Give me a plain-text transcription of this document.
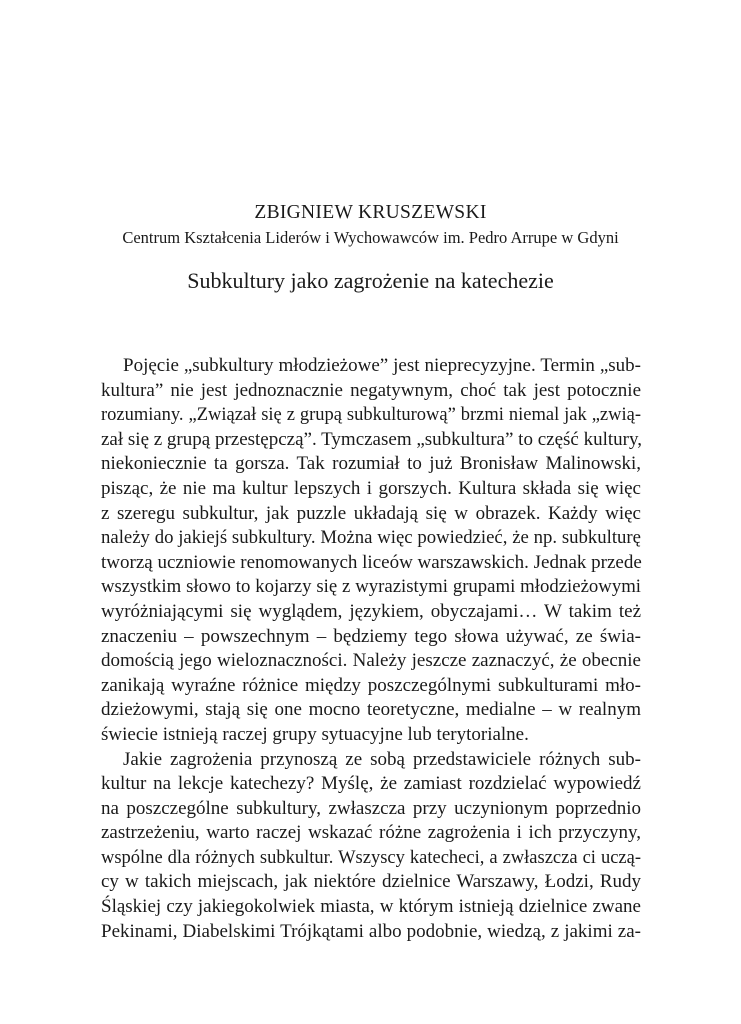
ZBIGNIEW KRUSZEWSKI
Centrum Kształcenia Liderów i Wychowawców im. Pedro Arrupe w Gdyni
Subkultury jako zagrożenie na katechezie
Pojęcie „subkultury młodzieżowe” jest nieprecyzyjne. Termin „sub-
kultura” nie jest jednoznacznie negatywnym, choć tak jest potocznie
rozumiany. „Związał się z grupą subkulturową” brzmi niemal jak „zwią-
zał się z grupą przestępczą”. Tymczasem „subkultura” to część kultury,
niekoniecznie ta gorsza. Tak rozumiał to już Bronisław Malinowski,
pisząc, że nie ma kultur lepszych i gorszych. Kultura składa się więc
z szeregu subkultur, jak puzzle układają się w obrazek. Każdy więc
należy do jakiejś subkultury. Można więc powiedzieć, że np. subkulturę
tworzą uczniowie renomowanych liceów warszawskich. Jednak przede
wszystkim słowo to kojarzy się z wyrazistymi grupami młodzieżowymi
wyróżniającymi się wyglądem, językiem, obyczajami… W takim też
znaczeniu – powszechnym – będziemy tego słowa używać, ze świa-
domością jego wieloznaczności. Należy jeszcze zaznaczyć, że obecnie
zanikają wyraźne różnice między poszczególnymi subkulturami mło-
dzieżowymi, stają się one mocno teoretyczne, medialne – w realnym
świecie istnieją raczej grupy sytuacyjne lub terytorialne.
Jakie zagrożenia przynoszą ze sobą przedstawiciele różnych sub-
kultur na lekcje katechezy? Myślę, że zamiast rozdzielać wypowiedź
na poszczególne subkultury, zwłaszcza przy uczynionym poprzednio
zastrzeżeniu, warto raczej wskazać różne zagrożenia i ich przyczyny,
wspólne dla różnych subkultur. Wszyscy katecheci, a zwłaszcza ci uczą-
cy w takich miejscach, jak niektóre dzielnice Warszawy, Łodzi, Rudy
Śląskiej czy jakiegokolwiek miasta, w którym istnieją dzielnice zwane
Pekinami, Diabelskimi Trójkątami albo podobnie, wiedzą, z jakimi za-
